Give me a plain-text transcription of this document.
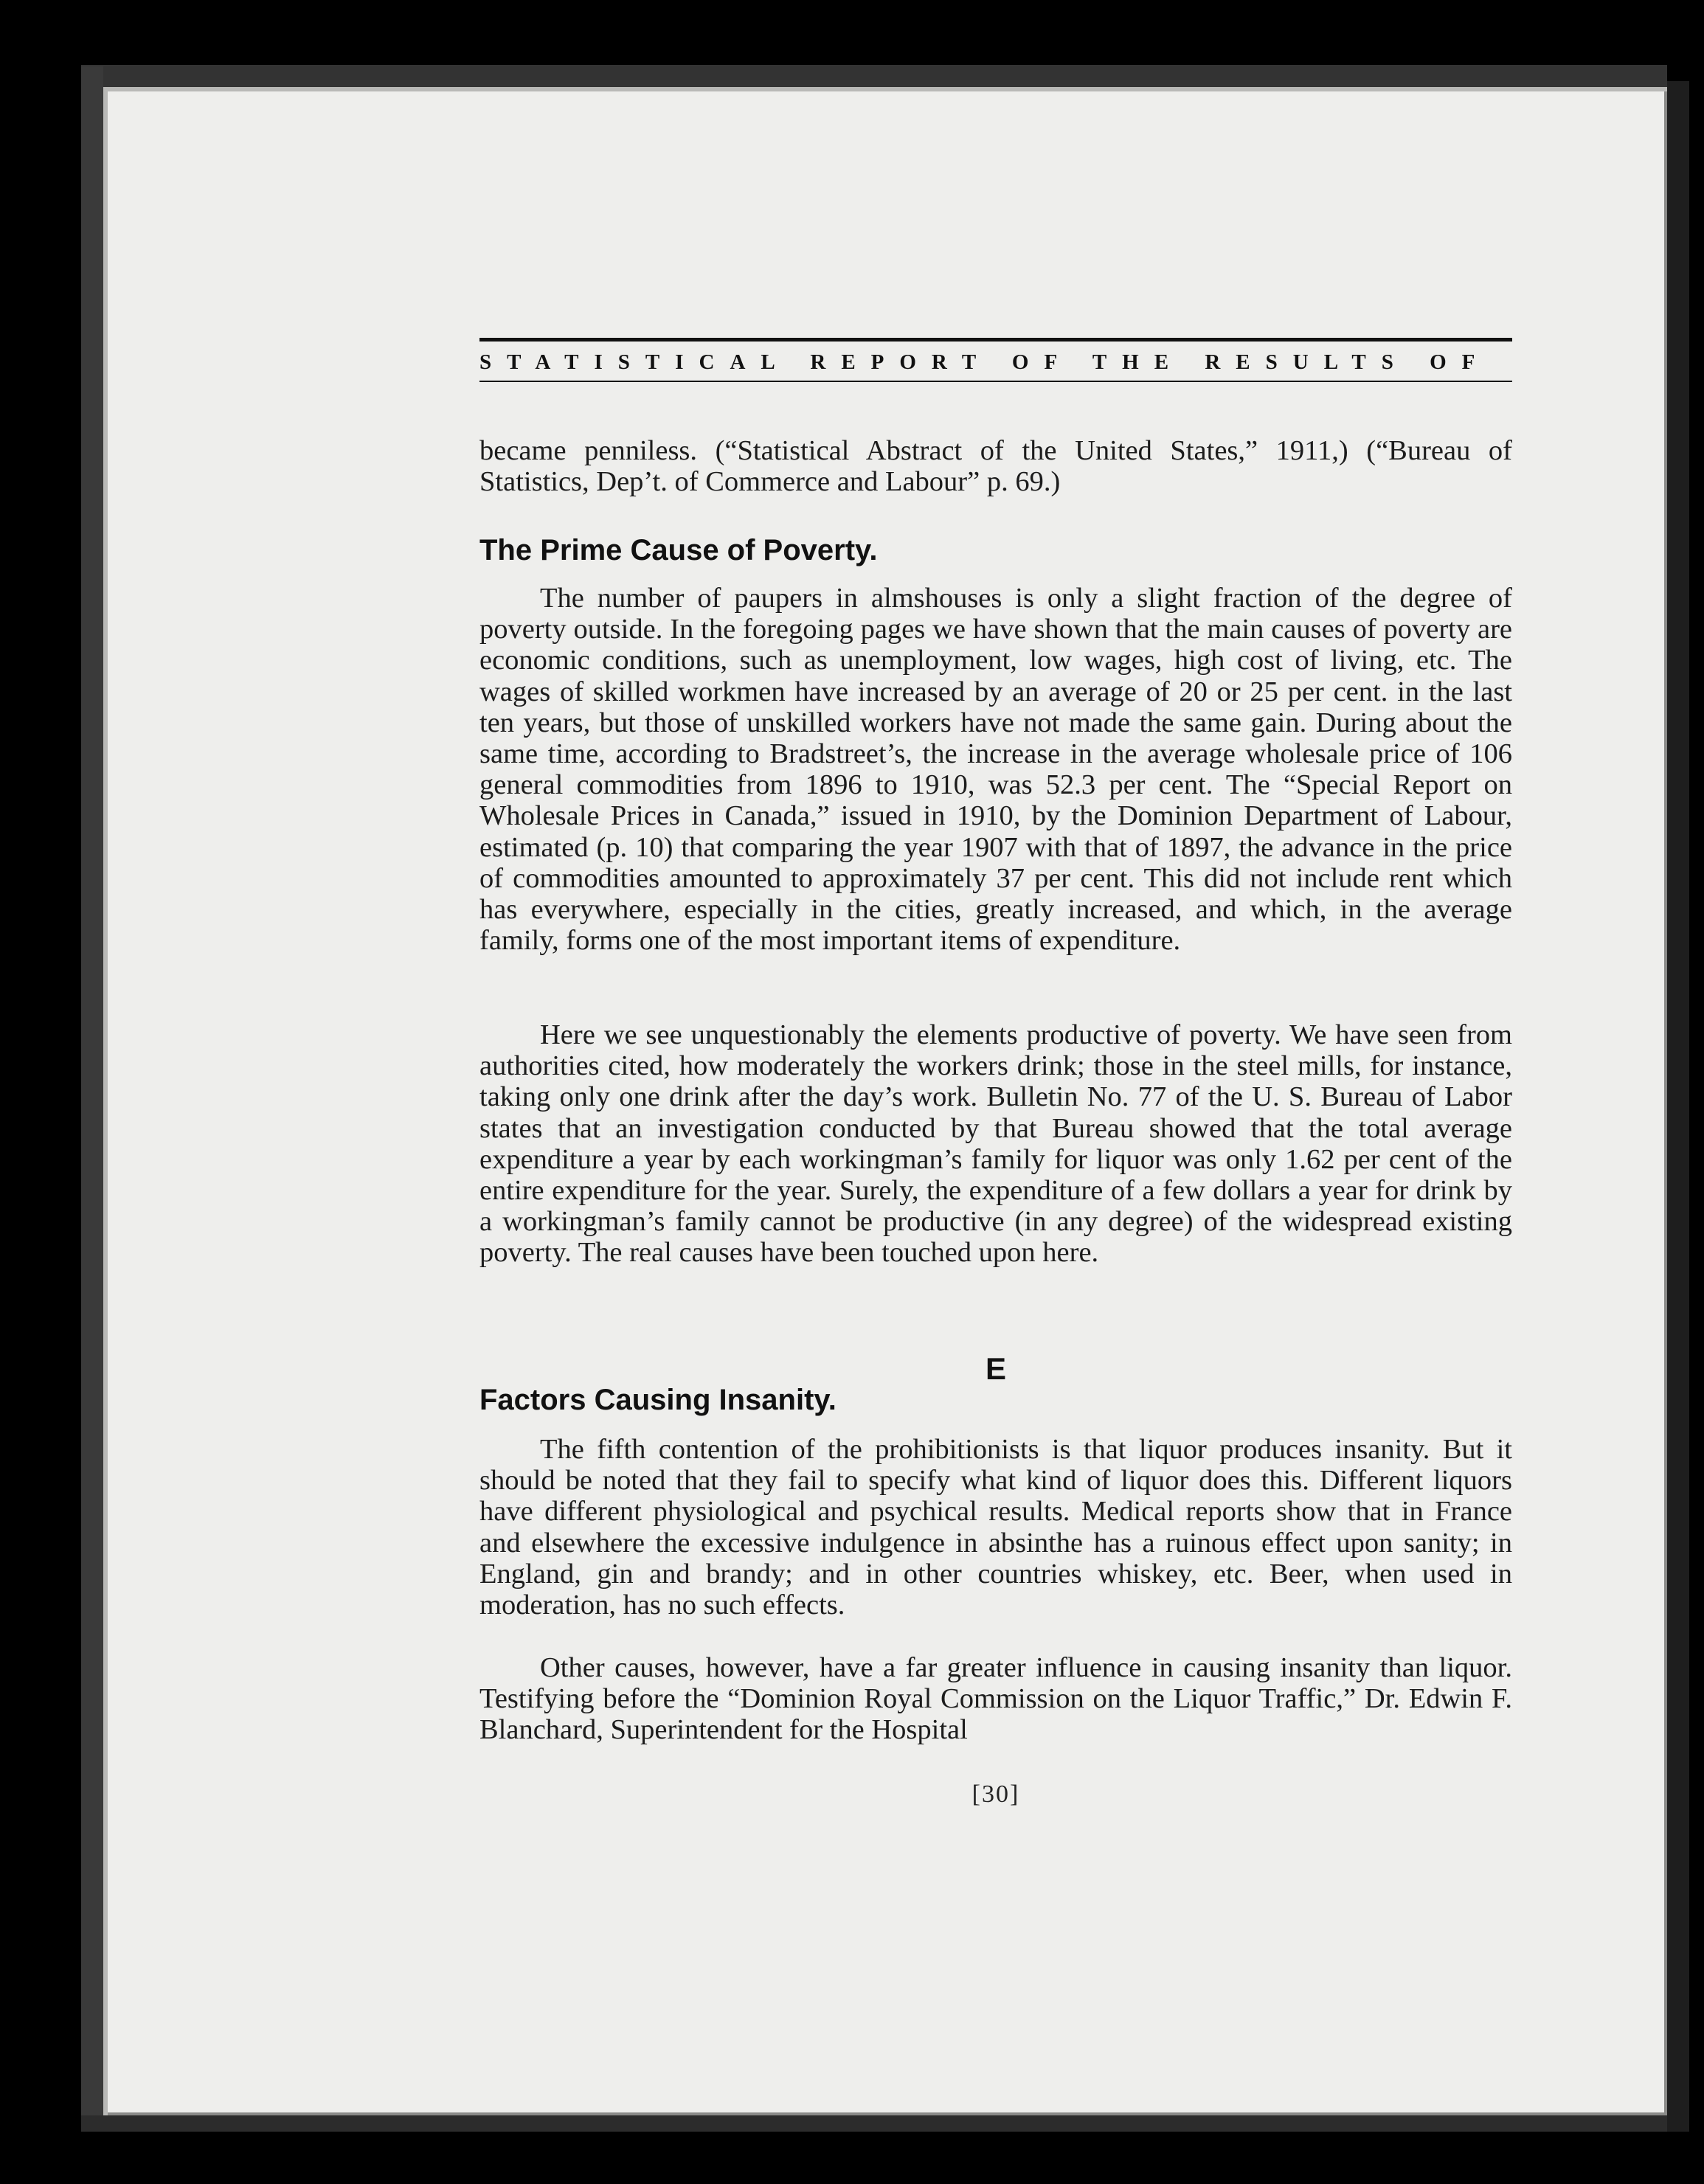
STATISTICAL REPORT OF THE RESULTS OF

became penniless. (“Statistical Abstract of the United States,” 1911,) (“Bureau of Statistics, Dep’t. of Commerce and Labour” p. 69.)

The Prime Cause of Poverty.

The number of paupers in almshouses is only a slight fraction of the degree of poverty outside. In the foregoing pages we have shown that the main causes of poverty are economic conditions, such as unemployment, low wages, high cost of living, etc. The wages of skilled workmen have increased by an average of 20 or 25 per cent. in the last ten years, but those of unskilled workers have not made the same gain. During about the same time, according to Bradstreet’s, the increase in the average wholesale price of 106 general commodities from 1896 to 1910, was 52.3 per cent. The “Special Report on Wholesale Prices in Canada,” issued in 1910, by the Dominion Department of Labour, estimated (p. 10) that comparing the year 1907 with that of 1897, the advance in the price of commodities amounted to approximately 37 per cent. This did not include rent which has everywhere, especially in the cities, greatly increased, and which, in the average family, forms one of the most important items of expenditure.

Here we see unquestionably the elements productive of poverty. We have seen from authorities cited, how moderately the workers drink; those in the steel mills, for instance, taking only one drink after the day’s work. Bulletin No. 77 of the U. S. Bureau of Labor states that an investigation conducted by that Bureau showed that the total average expenditure a year by each workingman’s family for liquor was only 1.62 per cent of the entire expenditure for the year. Surely, the expenditure of a few dollars a year for drink by a workingman’s family cannot be productive (in any degree) of the widespread existing poverty. The real causes have been touched upon here.

E
Factors Causing Insanity.

The fifth contention of the prohibitionists is that liquor produces insanity. But it should be noted that they fail to specify what kind of liquor does this. Different liquors have different physiological and psychical results. Medical reports show that in France and elsewhere the excessive indulgence in absinthe has a ruinous effect upon sanity; in England, gin and brandy; and in other countries whiskey, etc. Beer, when used in moderation, has no such effects.

Other causes, however, have a far greater influence in causing insanity than liquor. Testifying before the “Dominion Royal Commission on the Liquor Traffic,” Dr. Edwin F. Blanchard, Superintendent for the Hospital

[30]
